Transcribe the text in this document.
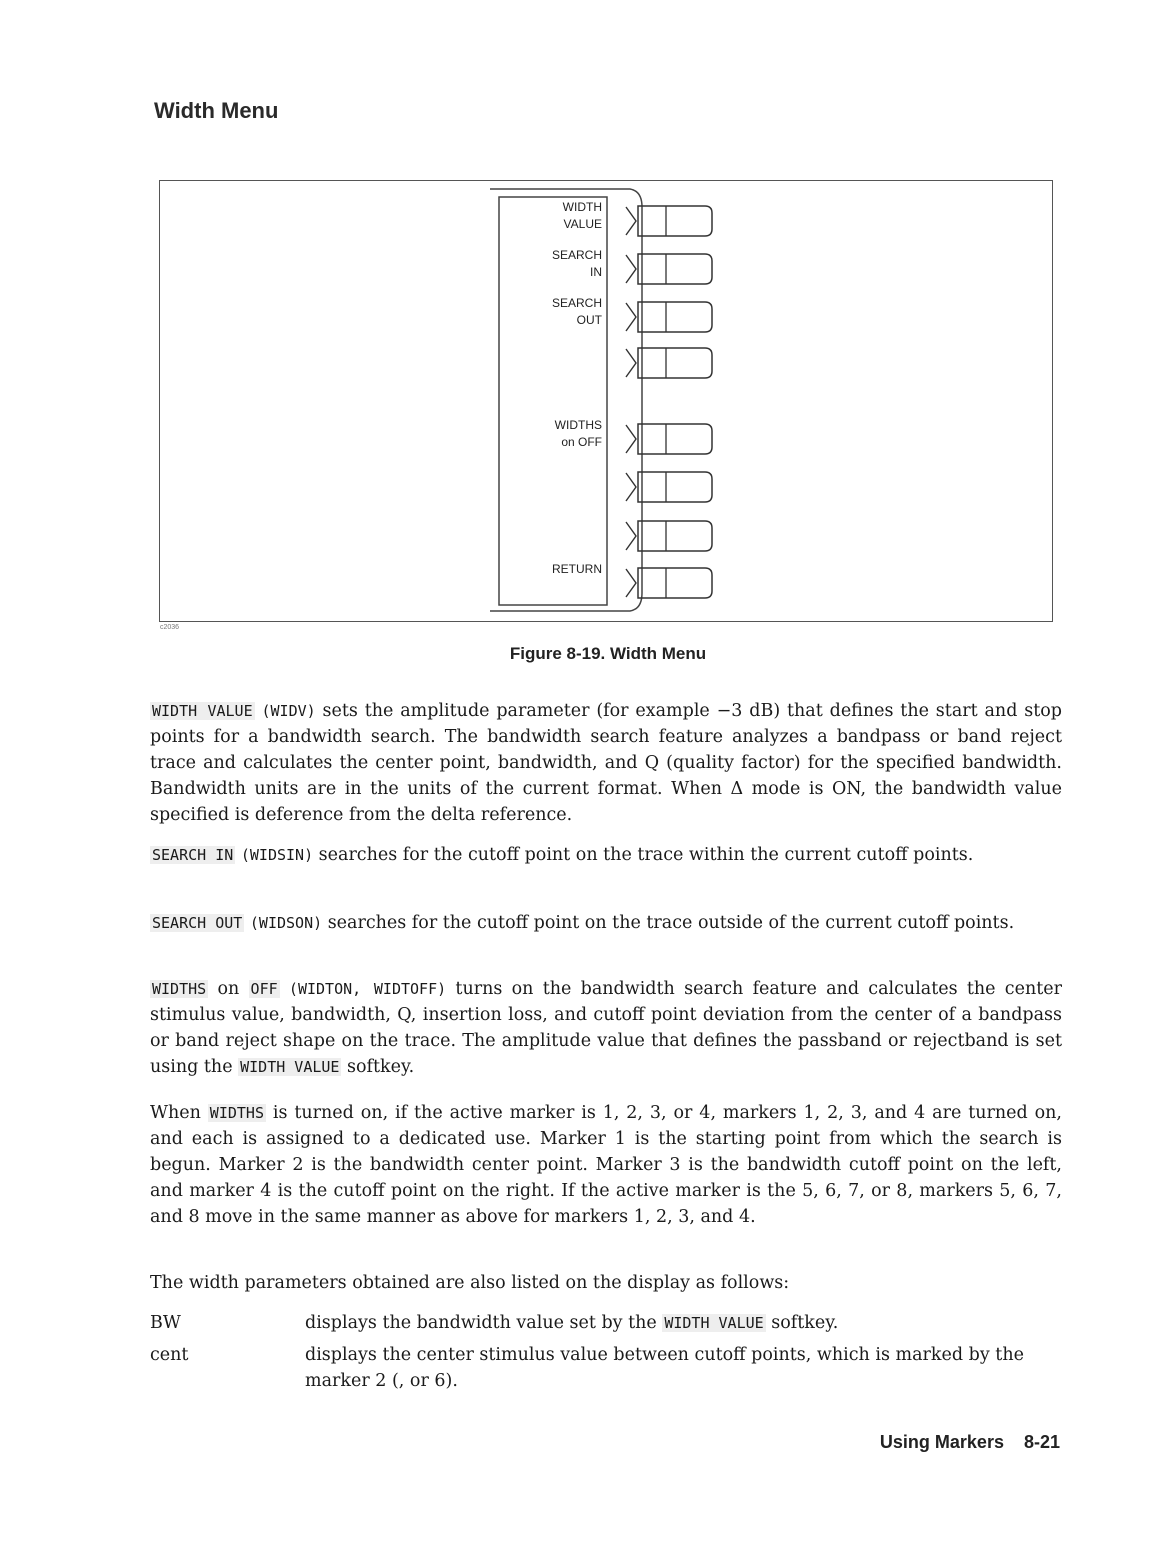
Width Menu
WIDTH
VALUE
SEARCH
IN
SEARCH
OUT
WIDTHS
on OFF
RETURN
c2036
Figure 8-19. Width Menu
WIDTH VALUE (WIDV) sets the amplitude parameter (for example −3 dB) that defines the start and stop points for a bandwidth search. The bandwidth search feature analyzes a bandpass or band reject trace and calculates the center point, bandwidth, and Q (quality factor) for the specified bandwidth. Bandwidth units are in the units of the current format. When Δ mode is ON, the bandwidth value specified is deference from the delta reference.
SEARCH IN (WIDSIN) searches for the cutoff point on the trace within the current cutoff points.
SEARCH OUT (WIDSON) searches for the cutoff point on the trace outside of the current cutoff points.
WIDTHS on OFF (WIDTON, WIDTOFF) turns on the bandwidth search feature and calculates the center stimulus value, bandwidth, Q, insertion loss, and cutoff point deviation from the center of a bandpass or band reject shape on the trace. The amplitude value that defines the passband or rejectband is set using the WIDTH VALUE softkey.
When WIDTHS is turned on, if the active marker is 1, 2, 3, or 4, markers 1, 2, 3, and 4 are turned on, and each is assigned to a dedicated use. Marker 1 is the starting point from which the search is begun. Marker 2 is the bandwidth center point. Marker 3 is the bandwidth cutoff point on the left, and marker 4 is the cutoff point on the right. If the active marker is the 5, 6, 7, or 8, markers 5, 6, 7, and 8 move in the same manner as above for markers 1, 2, 3, and 4.
The width parameters obtained are also listed on the display as follows:
BW	displays the bandwidth value set by the WIDTH VALUE softkey.
cent	displays the center stimulus value between cutoff points, which is marked by the marker 2 (, or 6).
Using Markers 8-21
